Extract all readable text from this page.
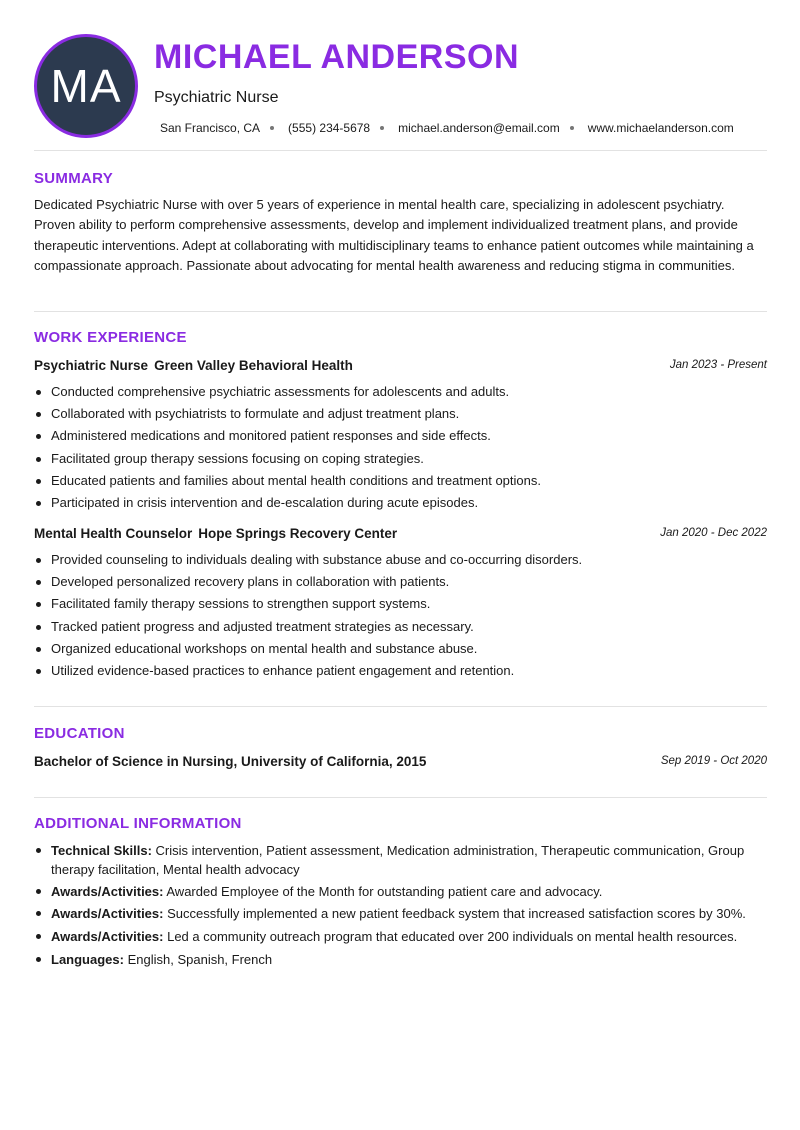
MA
MICHAEL ANDERSON
Psychiatric Nurse
San Francisco, CA (555) 234-5678 michael.anderson@email.com www.michaelanderson.com
SUMMARY

Dedicated Psychiatric Nurse with over 5 years of experience in mental health care, specializing in adolescent psychiatry. Proven ability to perform comprehensive assessments, develop and implement individualized treatment plans, and provide therapeutic interventions. Adept at collaborating with multidisciplinary teams to enhance patient outcomes while maintaining a compassionate approach. Passionate about advocating for mental health awareness and reducing stigma in communities.

WORK EXPERIENCE
Psychiatric Nurse Green Valley Behavioral Health	Jan 2023 - Present
Conducted comprehensive psychiatric assessments for adolescents and adults.
Collaborated with psychiatrists to formulate and adjust treatment plans.
Administered medications and monitored patient responses and side effects.
Facilitated group therapy sessions focusing on coping strategies.
Educated patients and families about mental health conditions and treatment options.
Participated in crisis intervention and de-escalation during acute episodes.
Mental Health Counselor Hope Springs Recovery Center	Jan 2020 - Dec 2022
Provided counseling to individuals dealing with substance abuse and co-occurring disorders.
Developed personalized recovery plans in collaboration with patients.
Facilitated family therapy sessions to strengthen support systems.
Tracked patient progress and adjusted treatment strategies as necessary.
Organized educational workshops on mental health and substance abuse.
Utilized evidence-based practices to enhance patient engagement and retention.
EDUCATION
Bachelor of Science in Nursing, University of California, 2015	Sep 2019 - Oct 2020
ADDITIONAL INFORMATION
Technical Skills: Crisis intervention, Patient assessment, Medication administration, Therapeutic communication, Group therapy facilitation, Mental health advocacy
Awards/Activities: Awarded Employee of the Month for outstanding patient care and advocacy.
Awards/Activities: Successfully implemented a new patient feedback system that increased satisfaction scores by 30%.
Awards/Activities: Led a community outreach program that educated over 200 individuals on mental health resources.
Languages: English, Spanish, French
